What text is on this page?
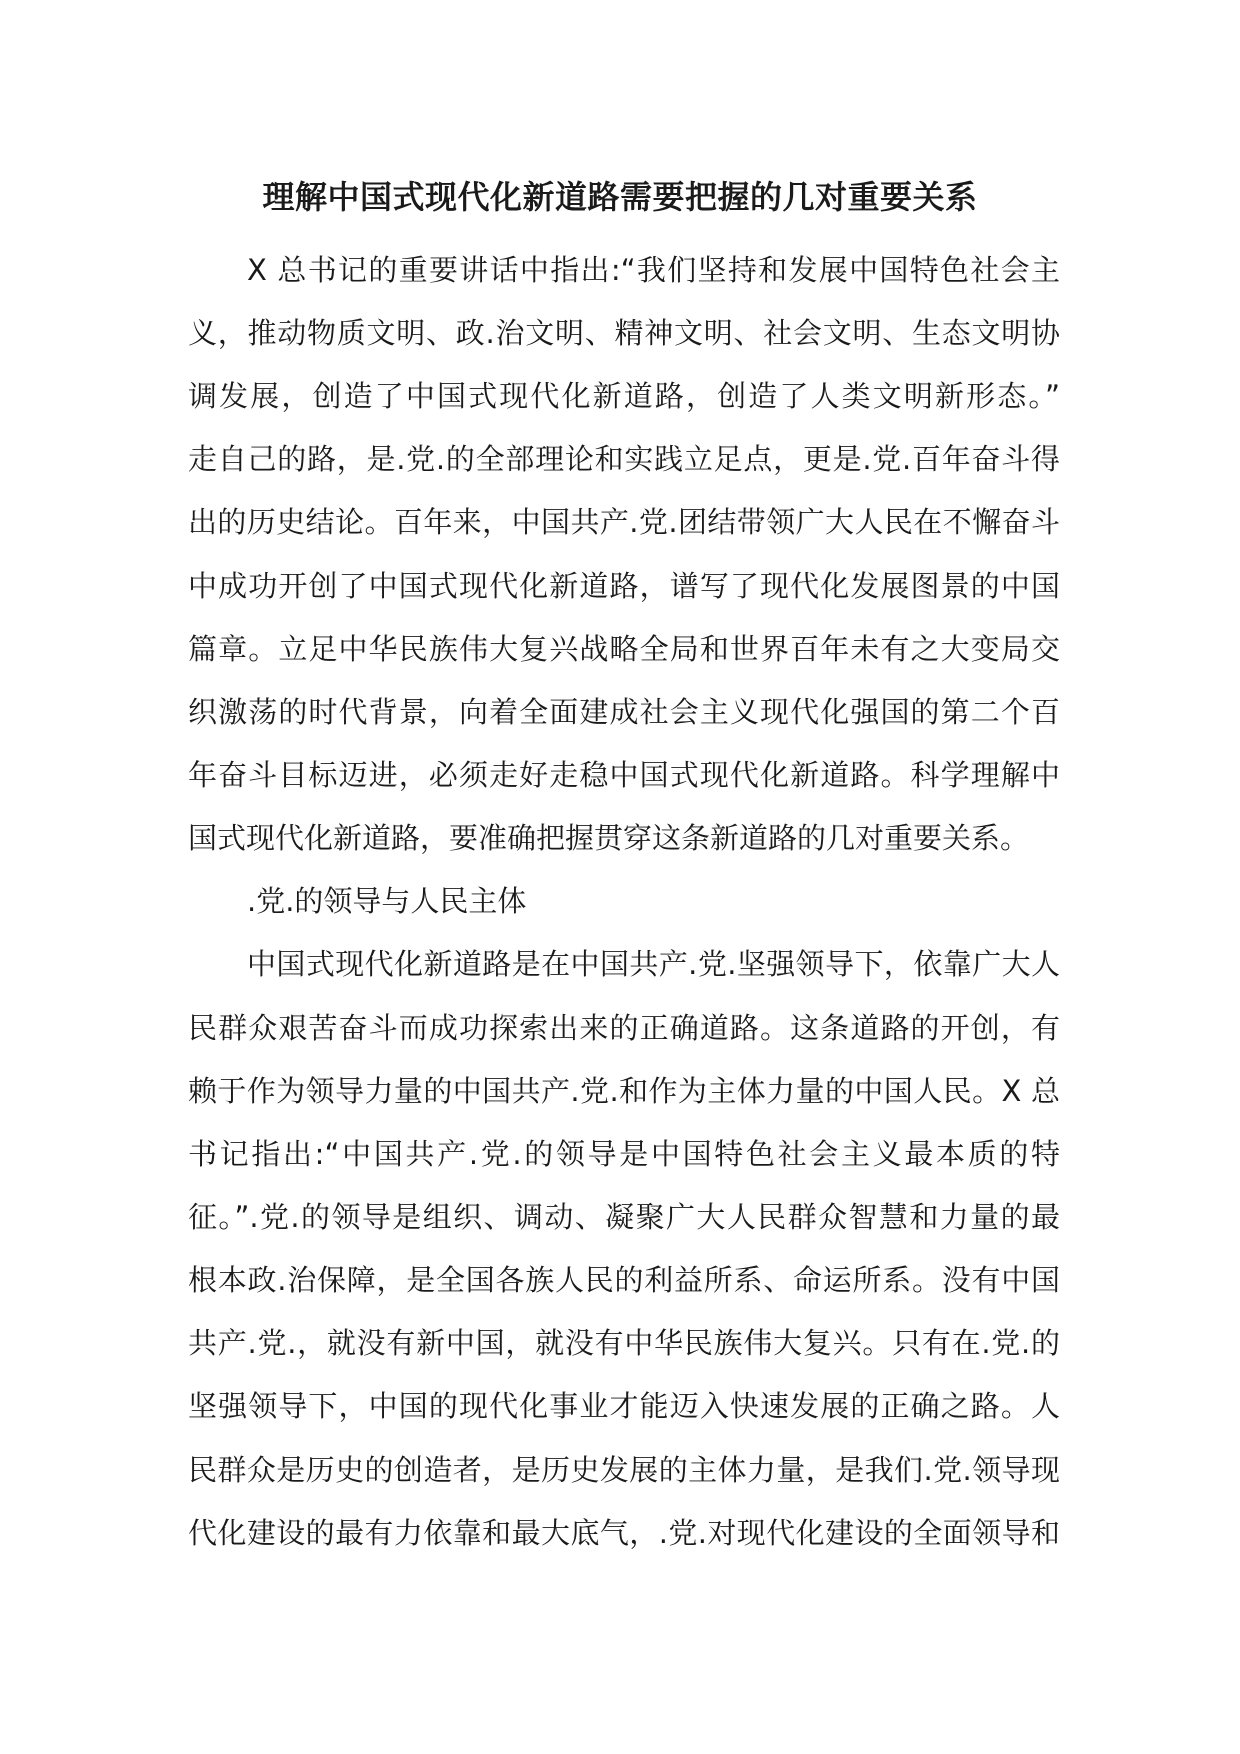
理解中国式现代化新道路需要把握的几对重要关系
X 总书记的重要讲话中指出:“我们坚持和发展中国特色社会主
义，推动物质文明、政.治文明、精神文明、社会文明、生态文明协
调发展，创造了中国式现代化新道路，创造了人类文明新形态。”
走自己的路，是.党.的全部理论和实践立足点，更是.党.百年奋斗得
出的历史结论。百年来，中国共产.党.团结带领广大人民在不懈奋斗
中成功开创了中国式现代化新道路，谱写了现代化发展图景的中国
篇章。立足中华民族伟大复兴战略全局和世界百年未有之大变局交
织激荡的时代背景，向着全面建成社会主义现代化强国的第二个百
年奋斗目标迈进，必须走好走稳中国式现代化新道路。科学理解中
国式现代化新道路，要准确把握贯穿这条新道路的几对重要关系。
.党.的领导与人民主体
中国式现代化新道路是在中国共产.党.坚强领导下，依靠广大人
民群众艰苦奋斗而成功探索出来的正确道路。这条道路的开创，有
赖于作为领导力量的中国共产.党.和作为主体力量的中国人民。X 总
书记指出:“中国共产.党.的领导是中国特色社会主义最本质的特
征。”.党.的领导是组织、调动、凝聚广大人民群众智慧和力量的最
根本政.治保障，是全国各族人民的利益所系、命运所系。没有中国
共产.党.，就没有新中国，就没有中华民族伟大复兴。只有在.党.的
坚强领导下，中国的现代化事业才能迈入快速发展的正确之路。人
民群众是历史的创造者，是历史发展的主体力量，是我们.党.领导现
代化建设的最有力依靠和最大底气，.党.对现代化建设的全面领导和
